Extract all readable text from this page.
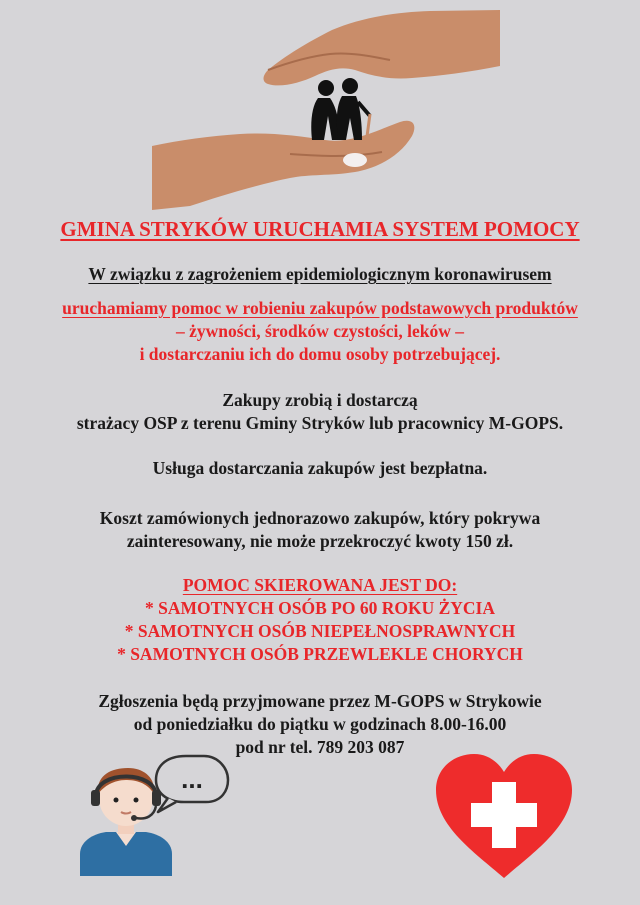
GMINA STRYKÓW URUCHAMIA SYSTEM POMOCY
W związku z zagrożeniem epidemiologicznym koronawirusem
uruchamiamy pomoc w robieniu zakupów podstawowych produktów
– żywności, środków czystości, leków –
i dostarczaniu ich do domu osoby potrzebującej.
Zakupy zrobią i dostarczą
strażacy OSP z terenu Gminy Stryków lub pracownicy M-GOPS.
Usługa dostarczania zakupów jest bezpłatna.
Koszt zamówionych jednorazowo zakupów, który pokrywa
zainteresowany, nie może przekroczyć kwoty 150 zł.
POMOC SKIEROWANA JEST DO:
* SAMOTNYCH OSÓB PO 60 ROKU ŻYCIA
* SAMOTNYCH OSÓB NIEPEŁNOSPRAWNYCH
* SAMOTNYCH OSÓB PRZEWLEKLE CHORYCH
Zgłoszenia będą przyjmowane przez M-GOPS w Strykowie
od poniedziałku do piątku w godzinach 8.00-16.00
pod nr tel. 789 203 087
...
